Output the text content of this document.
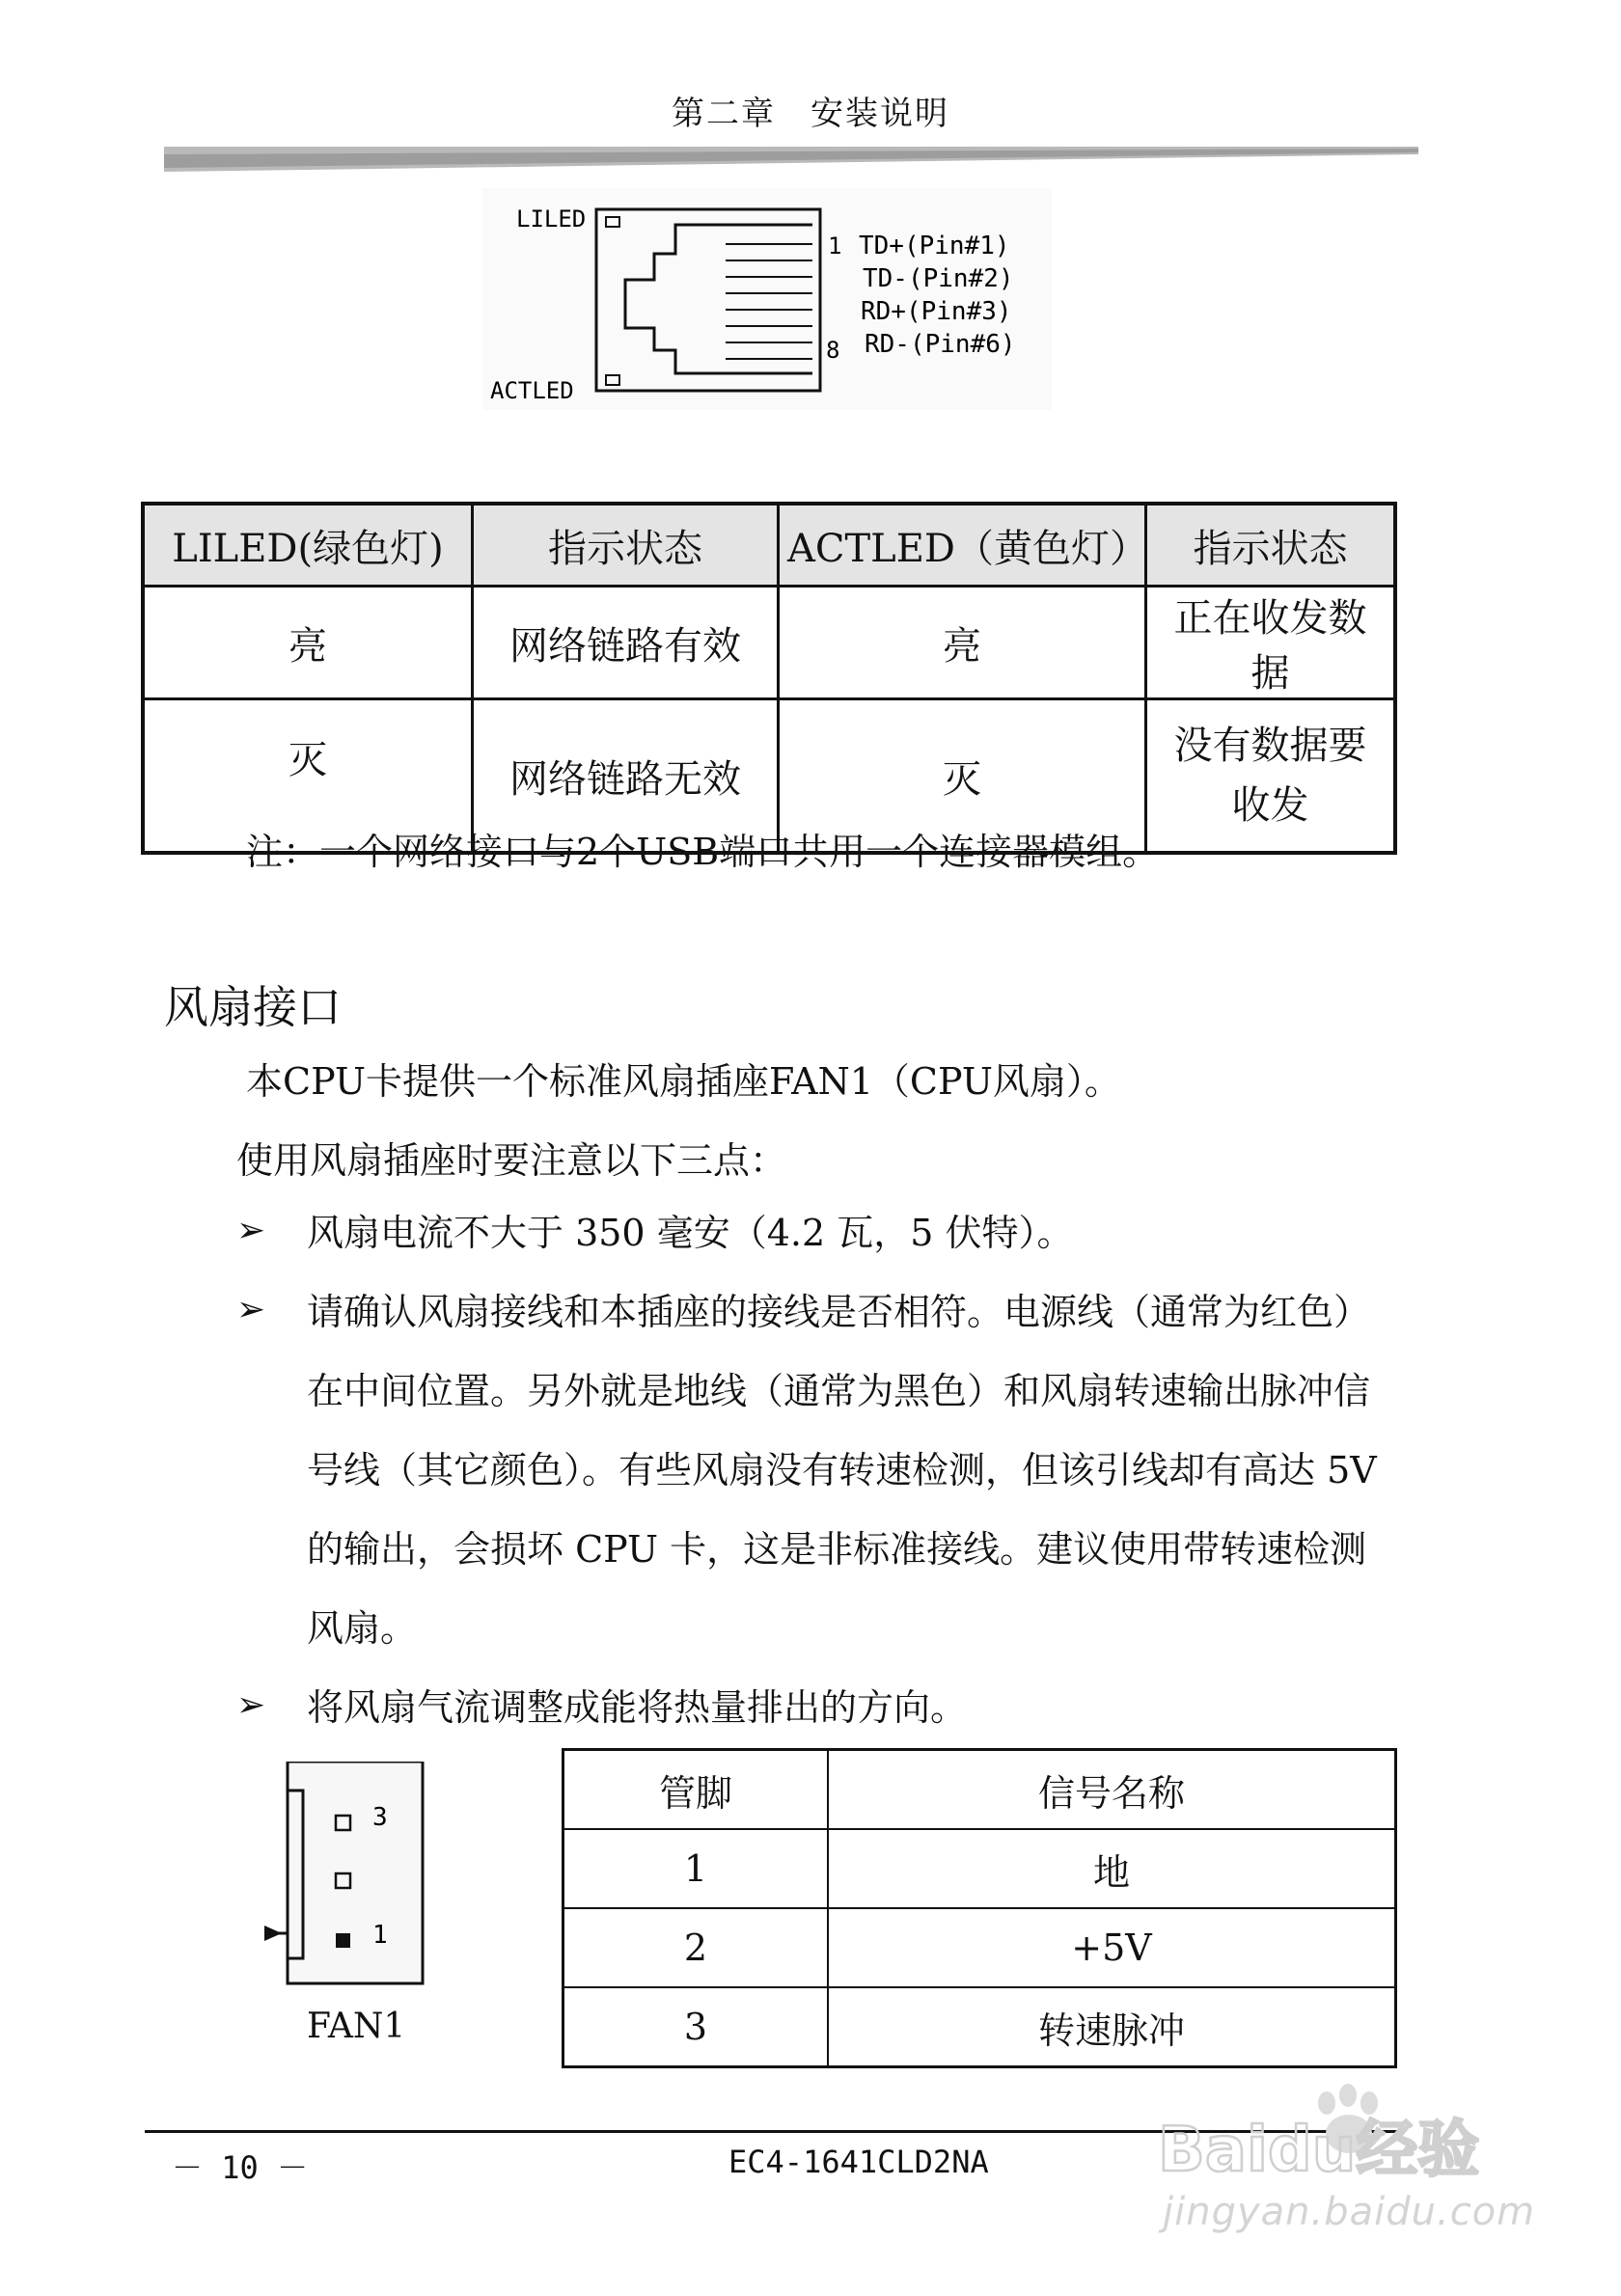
第二章　安装说明
LILED
ACTLED
1
8
TD+(Pin#1)
TD-(Pin#2)
RD+(Pin#3)
RD-(Pin#6)
LILED(绿色灯)	指示状态	ACTLED（黄色灯）	指示状态
亮	网络链路有效	亮	正在收发数据
灭	网络链路无效	灭	没有数据要收发
注：一个网络接口与2个USB端口共用一个连接器模组。
风扇接口
本CPU卡提供一个标准风扇插座FAN1（CPU风扇）。
使用风扇插座时要注意以下三点：
➢ 风扇电流不大于 350 毫安（4.2 瓦，5 伏特）。
➢ 请确认风扇接线和本插座的接线是否相符。电源线（通常为红色）在中间位置。另外就是地线（通常为黑色）和风扇转速输出脉冲信号线（其它颜色）。有些风扇没有转速检测，但该引线却有高达 5V 的输出，会损坏 CPU 卡，这是非标准接线。建议使用带转速检测风扇。
➢ 将风扇气流调整成能将热量排出的方向。
3
1
FAN1
管脚	信号名称
1	地
2	+5V
3	转速脉冲
－ 10 －	EC4-1641CLD2NA	Baidu经验
jingyan.baidu.com
